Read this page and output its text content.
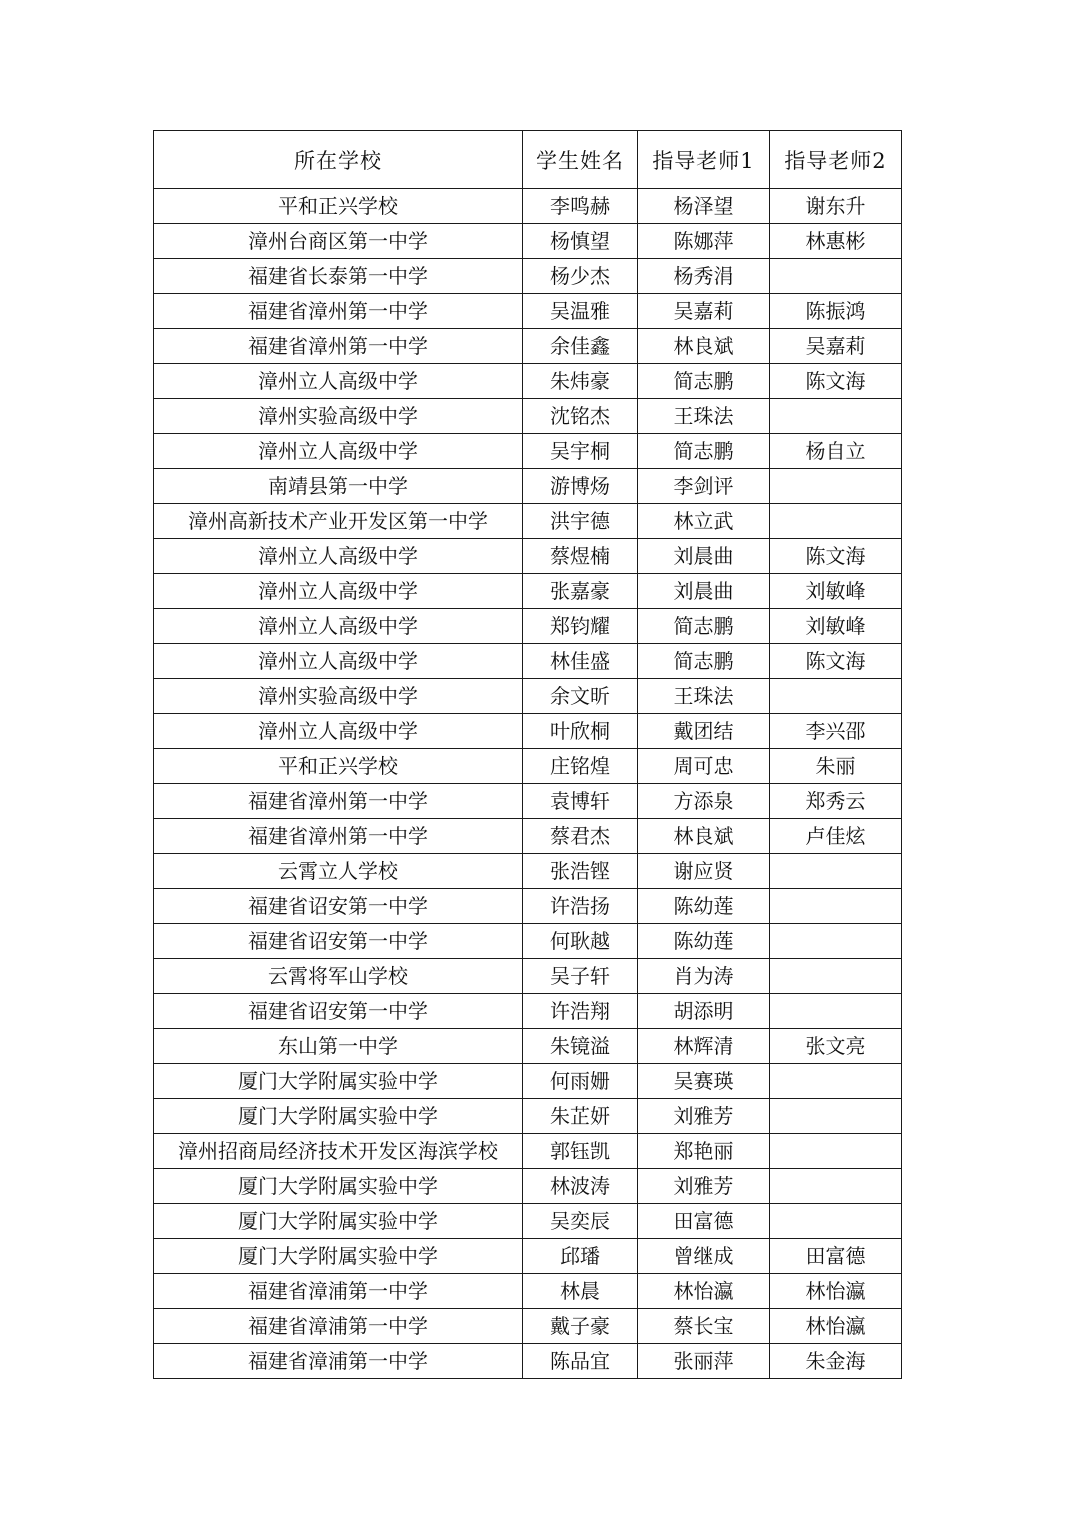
所在学校	学生姓名	指导老师1	指导老师2
平和正兴学校	李鸣赫	杨泽望	谢东升
漳州台商区第一中学	杨慎望	陈娜萍	林惠彬
福建省长泰第一中学	杨少杰	杨秀涓	
福建省漳州第一中学	吴温雅	吴嘉莉	陈振鸿
福建省漳州第一中学	余佳鑫	林良斌	吴嘉莉
漳州立人高级中学	朱炜豪	简志鹏	陈文海
漳州实验高级中学	沈铭杰	王珠法	
漳州立人高级中学	吴宇桐	简志鹏	杨自立
南靖县第一中学	游博炀	李剑评	
漳州高新技术产业开发区第一中学	洪宇德	林立武	
漳州立人高级中学	蔡煜楠	刘晨曲	陈文海
漳州立人高级中学	张嘉豪	刘晨曲	刘敏峰
漳州立人高级中学	郑钧耀	简志鹏	刘敏峰
漳州立人高级中学	林佳盛	简志鹏	陈文海
漳州实验高级中学	余文昕	王珠法	
漳州立人高级中学	叶欣桐	戴团结	李兴邵
平和正兴学校	庄铭煌	周可忠	朱丽
福建省漳州第一中学	袁博轩	方添泉	郑秀云
福建省漳州第一中学	蔡君杰	林良斌	卢佳炫
云霄立人学校	张浩铿	谢应贤	
福建省诏安第一中学	许浩扬	陈幼莲	
福建省诏安第一中学	何耿越	陈幼莲	
云霄将军山学校	吴子轩	肖为涛	
福建省诏安第一中学	许浩翔	胡添明	
东山第一中学	朱镜溢	林辉清	张文亮
厦门大学附属实验中学	何雨姗	吴赛瑛	
厦门大学附属实验中学	朱芷妍	刘雅芳	
漳州招商局经济技术开发区海滨学校	郭钰凯	郑艳丽	
厦门大学附属实验中学	林波涛	刘雅芳	
厦门大学附属实验中学	吴奕辰	田富德	
厦门大学附属实验中学	邱璠	曾继成	田富德
福建省漳浦第一中学	林晨	林怡瀛	林怡瀛
福建省漳浦第一中学	戴子豪	蔡长宝	林怡瀛
福建省漳浦第一中学	陈品宜	张丽萍	朱金海
